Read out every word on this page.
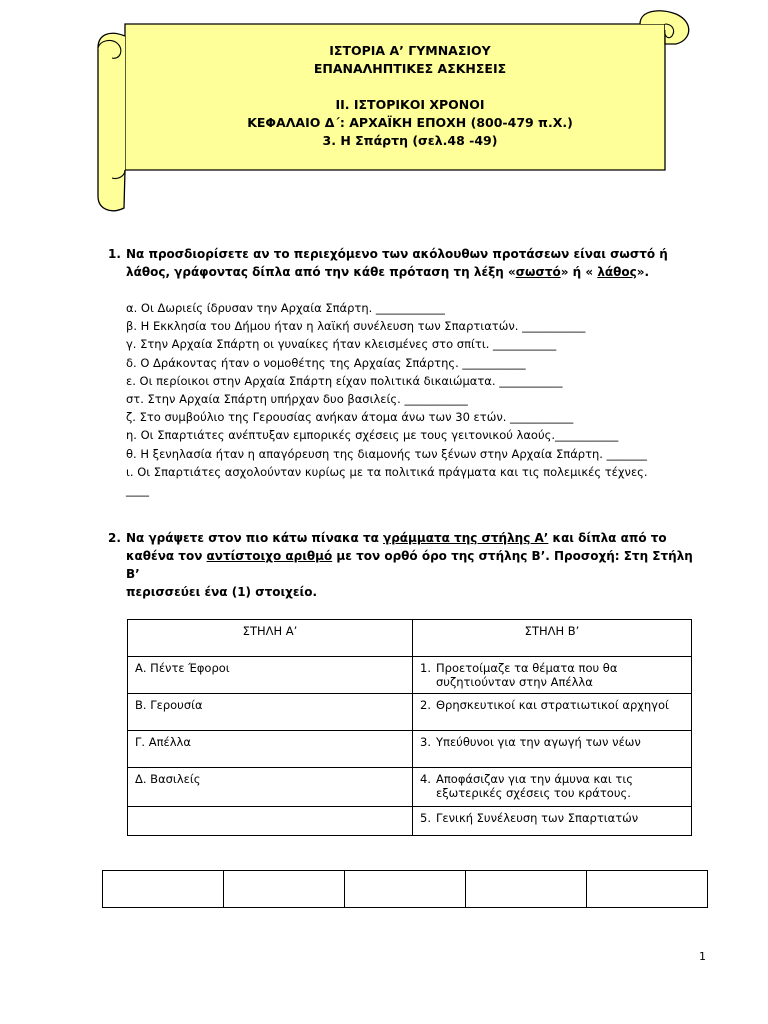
ΙΣΤΟΡΙΑ Α’ ΓΥΜΝΑΣΙΟΥ
ΕΠΑΝΑΛΗΠΤΙΚΕΣ ΑΣΚΗΣΕΙΣ
ΙΙ. ΙΣΤΟΡΙΚΟΙ ΧΡΟΝΟΙ
ΚΕΦΑΛΑΙΟ Δ΄: ΑΡΧΑΪΚΗ ΕΠΟΧΗ (800-479 π.Χ.)
3. Η Σπάρτη (σελ.48 -49)
1. Να προσδιορίσετε αν το περιεχόμενο των ακόλουθων προτάσεων είναι σωστό ή
λάθος, γράφοντας δίπλα από την κάθε πρόταση τη λέξη «σωστό» ή « λάθος».
α. Οι Δωριείς ίδρυσαν την Αρχαία Σπάρτη. ____________
β. Η Εκκλησία του Δήμου ήταν η λαϊκή συνέλευση των Σπαρτιατών. ___________
γ. Στην Αρχαία Σπάρτη οι γυναίκες ήταν κλεισμένες στο σπίτι. ___________
δ. Ο Δράκοντας ήταν ο νομοθέτης της Αρχαίας Σπάρτης. ___________
ε. Οι περίοικοι στην Αρχαία Σπάρτη είχαν πολιτικά δικαιώματα. ___________
στ. Στην Αρχαία Σπάρτη υπήρχαν δυο βασιλείς. ___________
ζ. Στο συμβούλιο της Γερουσίας ανήκαν άτομα άνω των 30 ετών. ___________
η. Οι Σπαρτιάτες ανέπτυξαν εμπορικές σχέσεις με τους γειτονικού λαούς.___________
θ. Η ξενηλασία ήταν η απαγόρευση της διαμονής των ξένων στην Αρχαία Σπάρτη. _______
ι. Οι Σπαρτιάτες ασχολούνταν κυρίως με τα πολιτικά πράγματα και τις πολεμικές τέχνες.
____
2. Να γράψετε στον πιο κάτω πίνακα τα γράμματα της στήλης Α’ και δίπλα από το
καθένα τον αντίστοιχο αριθμό με τον ορθό όρο της στήλης Β’. Προσοχή: Στη Στήλη Β’
περισσεύει ένα (1) στοιχείο.
ΣΤΗΛΗ Α’	ΣΤΗΛΗ Β’
Α. Πέντε Έφοροι	1. Προετοίμαζε τα θέματα που θα συζητιούνταν στην Απέλλα
Β. Γερουσία	2. Θρησκευτικοί και στρατιωτικοί αρχηγοί
Γ. Απέλλα	3. Υπεύθυνοι για την αγωγή των νέων
Δ. Βασιλείς	4. Αποφάσιζαν για την άμυνα και τις εξωτερικές σχέσεις του κράτους.
	5. Γενική Συνέλευση των Σπαρτιατών

1
